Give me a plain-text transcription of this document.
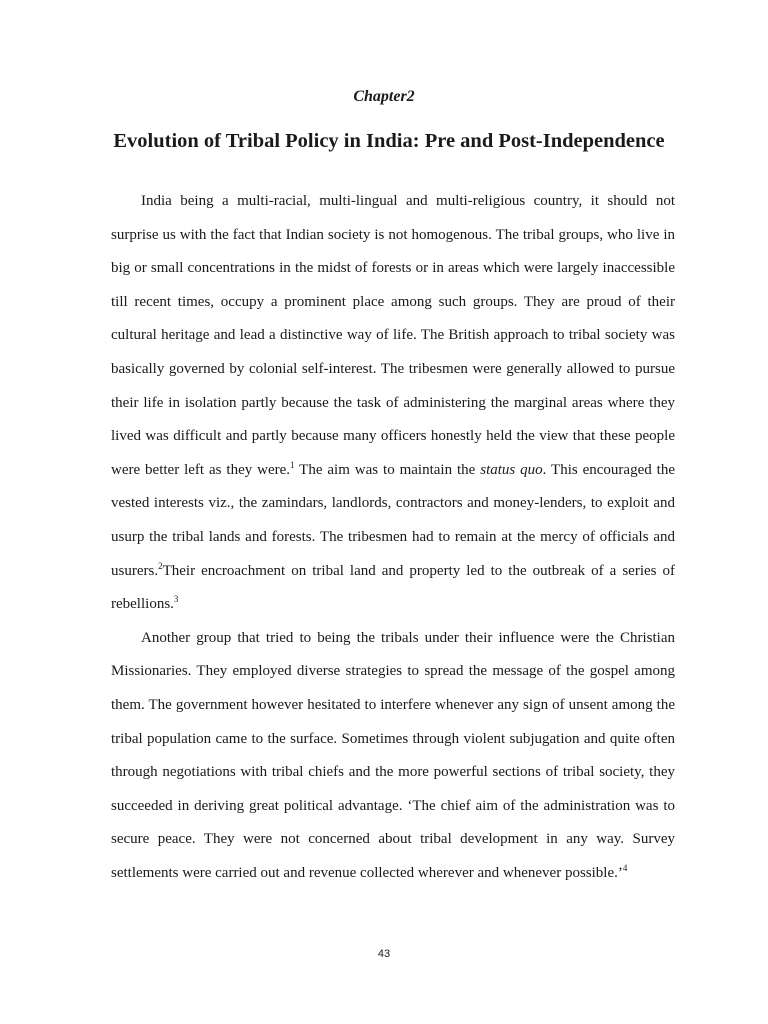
Chapter2
Evolution of Tribal Policy in India: Pre and Post-Independence

India being a multi-racial, multi-lingual and multi-religious country, it should not surprise us with the fact that Indian society is not homogenous. The tribal groups, who live in big or small concentrations in the midst of forests or in areas which were largely inaccessible till recent times, occupy a prominent place among such groups. They are proud of their cultural heritage and lead a distinctive way of life. The British approach to tribal society was basically governed by colonial self-interest. The tribesmen were generally allowed to pursue their life in isolation partly because the task of administering the marginal areas where they lived was difficult and partly because many officers honestly held the view that these people were better left as they were.$^1$ The aim was to maintain the status quo. This encouraged the vested interests viz., the zamindars, landlords, contractors and money-lenders, to exploit and usurp the tribal lands and forests. The tribesmen had to remain at the mercy of officials and usurers.$^2$Their encroachment on tribal land and property led to the outbreak of a series of rebellions.$^3$

Another group that tried to being the tribals under their influence were the Christian Missionaries. They employed diverse strategies to spread the message of the gospel among them. The government however hesitated to interfere whenever any sign of unsent among the tribal population came to the surface. Sometimes through violent subjugation and quite often through negotiations with tribal chiefs and the more powerful sections of tribal society, they succeeded in deriving great political advantage. ‘The chief aim of the administration was to secure peace. They were not concerned about tribal development in any way. Survey settlements were carried out and revenue collected wherever and whenever possible.’$^4$

43
